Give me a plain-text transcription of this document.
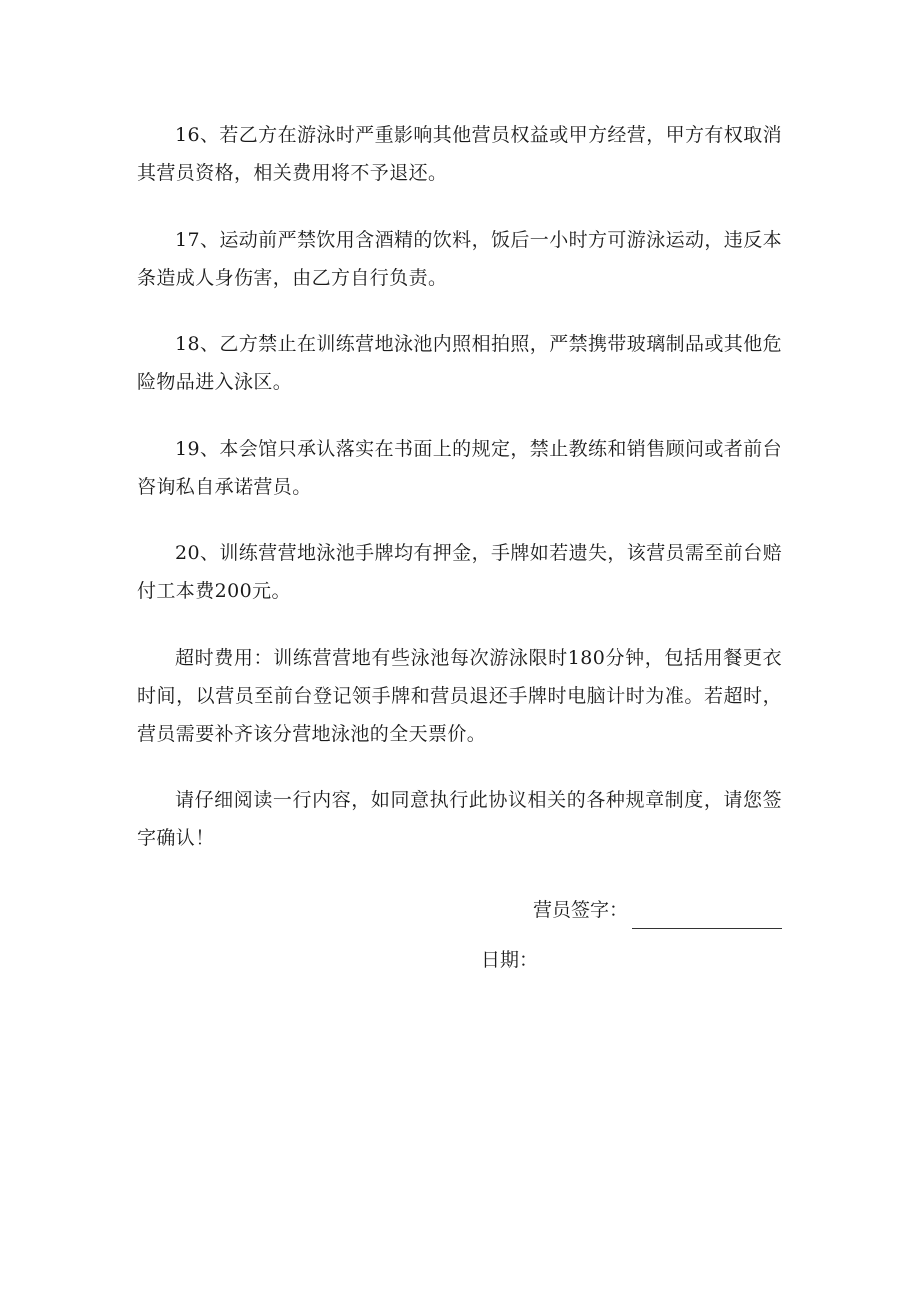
16、若乙方在游泳时严重影响其他营员权益或甲方经营，甲方有权取消其营员资格，相关费用将不予退还。

17、运动前严禁饮用含酒精的饮料，饭后一小时方可游泳运动，违反本条造成人身伤害，由乙方自行负责。

18、乙方禁止在训练营地泳池内照相拍照，严禁携带玻璃制品或其他危险物品进入泳区。

19、本会馆只承认落实在书面上的规定，禁止教练和销售顾问或者前台咨询私自承诺营员。

20、训练营营地泳池手牌均有押金，手牌如若遗失，该营员需至前台赔付工本费200元。

超时费用：训练营营地有些泳池每次游泳限时180分钟，包括用餐更衣时间，以营员至前台登记领手牌和营员退还手牌时电脑计时为准。若超时，营员需要补齐该分营地泳池的全天票价。

请仔细阅读一行内容，如同意执行此协议相关的各种规章制度，请您签字确认！

营员签字：
日期：
